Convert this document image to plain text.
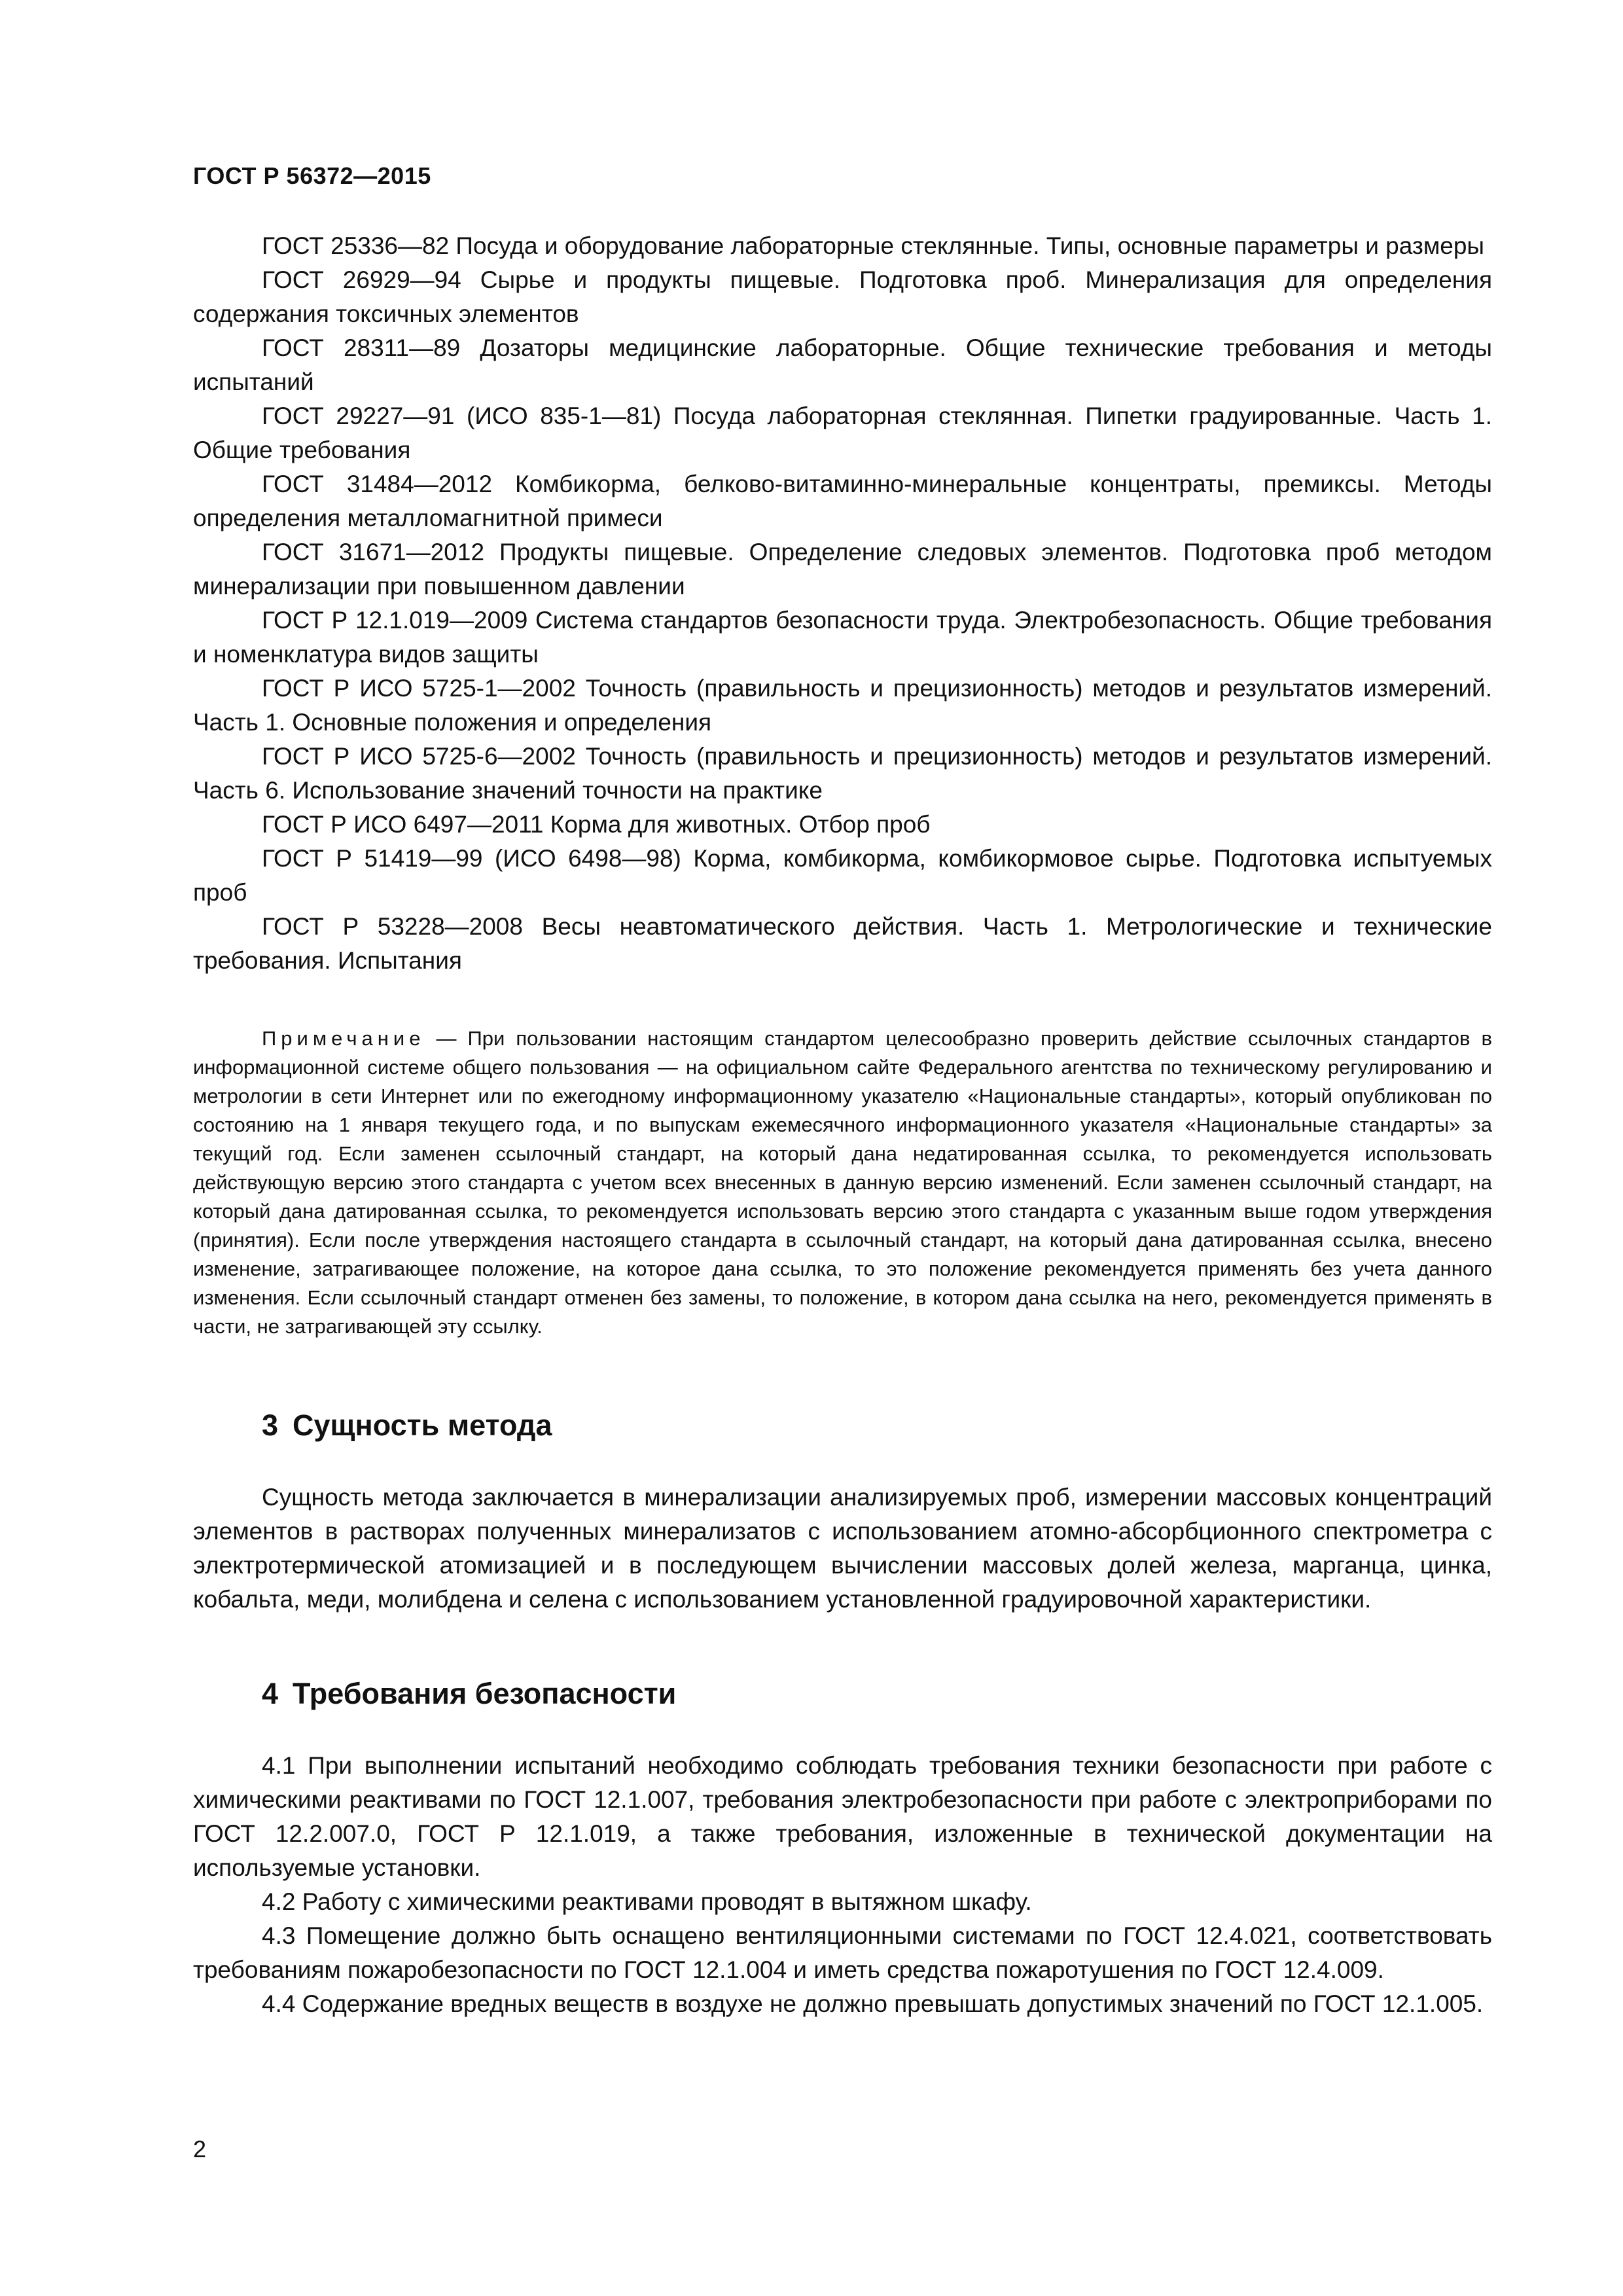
ГОСТ Р 56372—2015

ГОСТ 25336—82 Посуда и оборудование лабораторные стеклянные. Типы, основные параметры и размеры

ГОСТ 26929—94 Сырье и продукты пищевые. Подготовка проб. Минерализация для определения содержания токсичных элементов

ГОСТ 28311—89 Дозаторы медицинские лабораторные. Общие технические требования и методы испытаний

ГОСТ 29227—91 (ИСО 835-1—81) Посуда лабораторная стеклянная. Пипетки градуированные. Часть 1. Общие требования

ГОСТ 31484—2012 Комбикорма, белково-витаминно-минеральные концентраты, премиксы. Методы определения металломагнитной примеси

ГОСТ 31671—2012 Продукты пищевые. Определение следовых элементов. Подготовка проб методом минерализации при повышенном давлении

ГОСТ Р 12.1.019—2009 Система стандартов безопасности труда. Электробезопасность. Общие требования и номенклатура видов защиты

ГОСТ Р ИСО 5725-1—2002 Точность (правильность и прецизионность) методов и результатов измерений. Часть 1. Основные положения и определения

ГОСТ Р ИСО 5725-6—2002 Точность (правильность и прецизионность) методов и результатов измерений. Часть 6. Использование значений точности на практике

ГОСТ Р ИСО 6497—2011 Корма для животных. Отбор проб

ГОСТ Р 51419—99 (ИСО 6498—98) Корма, комбикорма, комбикормовое сырье. Подготовка испытуемых проб

ГОСТ Р 53228—2008 Весы неавтоматического действия. Часть 1. Метрологические и технические требования. Испытания

Примечание — При пользовании настоящим стандартом целесообразно проверить действие ссылочных стандартов в информационной системе общего пользования — на официальном сайте Федерального агентства по техническому регулированию и метрологии в сети Интернет или по ежегодному информационному указателю «Национальные стандарты», который опубликован по состоянию на 1 января текущего года, и по выпускам ежемесячного информационного указателя «Национальные стандарты» за текущий год. Если заменен ссылочный стандарт, на который дана недатированная ссылка, то рекомендуется использовать действующую версию этого стандарта с учетом всех внесенных в данную версию изменений. Если заменен ссылочный стандарт, на который дана датированная ссылка, то рекомендуется использовать версию этого стандарта с указанным выше годом утверждения (принятия). Если после утверждения настоящего стандарта в ссылочный стандарт, на который дана датированная ссылка, внесено изменение, затрагивающее положение, на которое дана ссылка, то это положение рекомендуется применять без учета данного изменения. Если ссылочный стандарт отменен без замены, то положение, в котором дана ссылка на него, рекомендуется применять в части, не затрагивающей эту ссылку.

3 Сущность метода

Сущность метода заключается в минерализации анализируемых проб, измерении массовых концентраций элементов в растворах полученных минерализатов с использованием атомно-абсорбционного спектрометра с электротермической атомизацией и в последующем вычислении массовых долей железа, марганца, цинка, кобальта, меди, молибдена и селена с использованием установленной градуировочной характеристики.

4 Требования безопасности

4.1 При выполнении испытаний необходимо соблюдать требования техники безопасности при работе с химическими реактивами по ГОСТ 12.1.007, требования электробезопасности при работе с электроприборами по ГОСТ 12.2.007.0, ГОСТ Р 12.1.019, а также требования, изложенные в технической документации на используемые установки.

4.2 Работу с химическими реактивами проводят в вытяжном шкафу.

4.3 Помещение должно быть оснащено вентиляционными системами по ГОСТ 12.4.021, соответствовать требованиям пожаробезопасности по ГОСТ 12.1.004 и иметь средства пожаротушения по ГОСТ 12.4.009.

4.4 Содержание вредных веществ в воздухе не должно превышать допустимых значений по ГОСТ 12.1.005.

2
